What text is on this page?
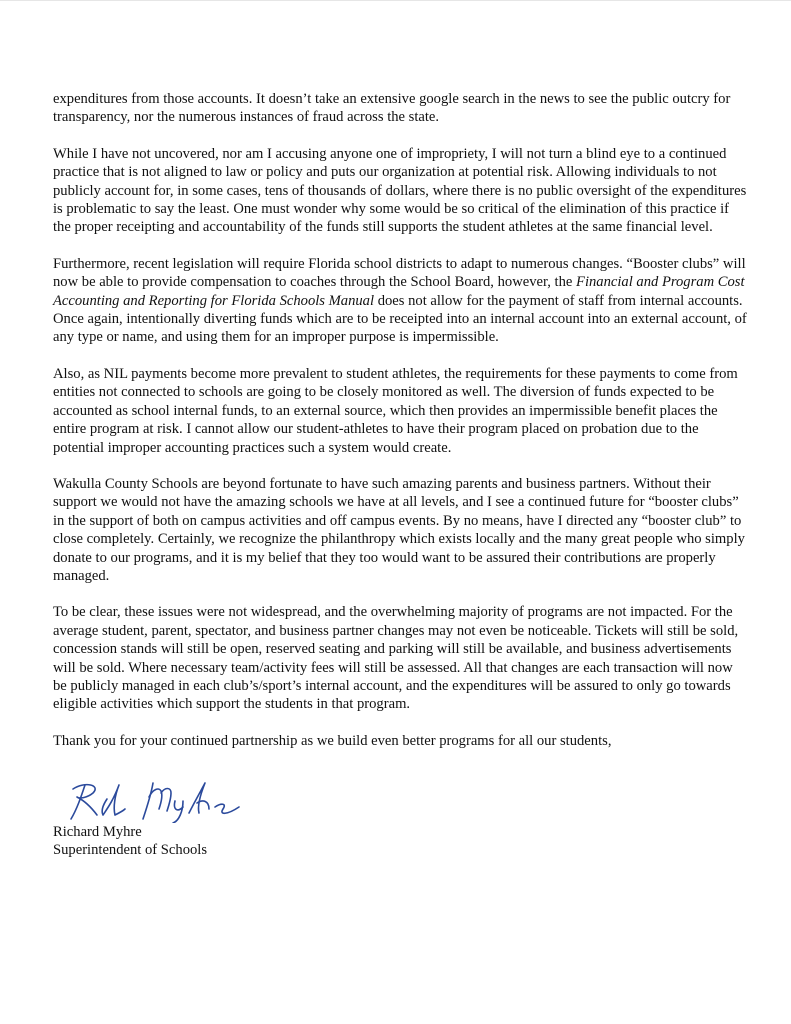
expenditures from those accounts. It doesn’t take an extensive google search in the news to see the public outcry for transparency, nor the numerous instances of fraud across the state.

While I have not uncovered, nor am I accusing anyone one of impropriety, I will not turn a blind eye to a continued practice that is not aligned to law or policy and puts our organization at potential risk. Allowing individuals to not publicly account for, in some cases, tens of thousands of dollars, where there is no public oversight of the expenditures is problematic to say the least. One must wonder why some would be so critical of the elimination of this practice if the proper receipting and accountability of the funds still supports the student athletes at the same financial level.

Furthermore, recent legislation will require Florida school districts to adapt to numerous changes. “Booster clubs” will now be able to provide compensation to coaches through the School Board, however, the Financial and Program Cost Accounting and Reporting for Florida Schools Manual does not allow for the payment of staff from internal accounts. Once again, intentionally diverting funds which are to be receipted into an internal account into an external account, of any type or name, and using them for an improper purpose is impermissible.

Also, as NIL payments become more prevalent to student athletes, the requirements for these payments to come from entities not connected to schools are going to be closely monitored as well. The diversion of funds expected to be accounted as school internal funds, to an external source, which then provides an impermissible benefit places the entire program at risk. I cannot allow our student-athletes to have their program placed on probation due to the potential improper accounting practices such a system would create.

Wakulla County Schools are beyond fortunate to have such amazing parents and business partners. Without their support we would not have the amazing schools we have at all levels, and I see a continued future for “booster clubs” in the support of both on campus activities and off campus events. By no means, have I directed any “booster club” to close completely. Certainly, we recognize the philanthropy which exists locally and the many great people who simply donate to our programs, and it is my belief that they too would want to be assured their contributions are properly managed.

To be clear, these issues were not widespread, and the overwhelming majority of programs are not impacted. For the average student, parent, spectator, and business partner changes may not even be noticeable. Tickets will still be sold, concession stands will still be open, reserved seating and parking will still be available, and business advertisements will be sold. Where necessary team/activity fees will still be assessed. All that changes are each transaction will now be publicly managed in each club’s/sport’s internal account, and the expenditures will be assured to only go towards eligible activities which support the students in that program.

Thank you for your continued partnership as we build even better programs for all our students,

Richard Myhre
Superintendent of Schools
